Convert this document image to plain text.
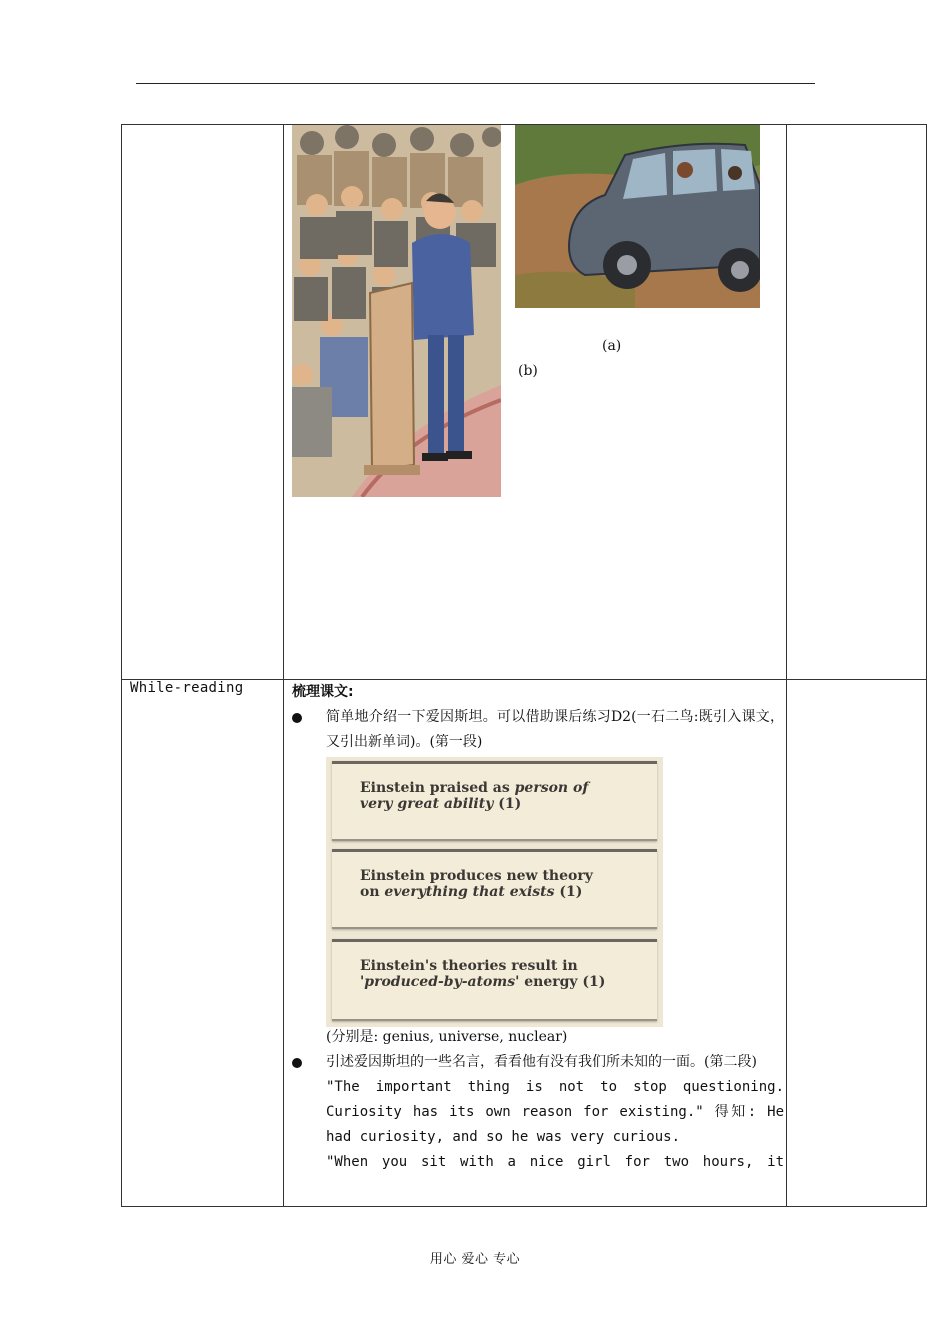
While-reading
(a)
(b)
梳理课文:
简单地介绍一下爱因斯坦。可以借助课后练习D2(一石二鸟:既引入课文，又引出新单词)。(第一段)
(分别是: genius, universe, nuclear)
引述爱因斯坦的一些名言，看看他有没有我们所未知的一面。(第二段)
"The important thing is not to stop questioning. Curiosity has its own reason for existing." 得知: He had curiosity, and so he was very curious.
"When you sit with a nice girl for two hours, it
Einstein praised as person of very great ability (1)
Einstein produces new theory on everything that exists (1)
Einstein's theories result in 'produced-by-atoms' energy (1)
用心 爱心 专心
